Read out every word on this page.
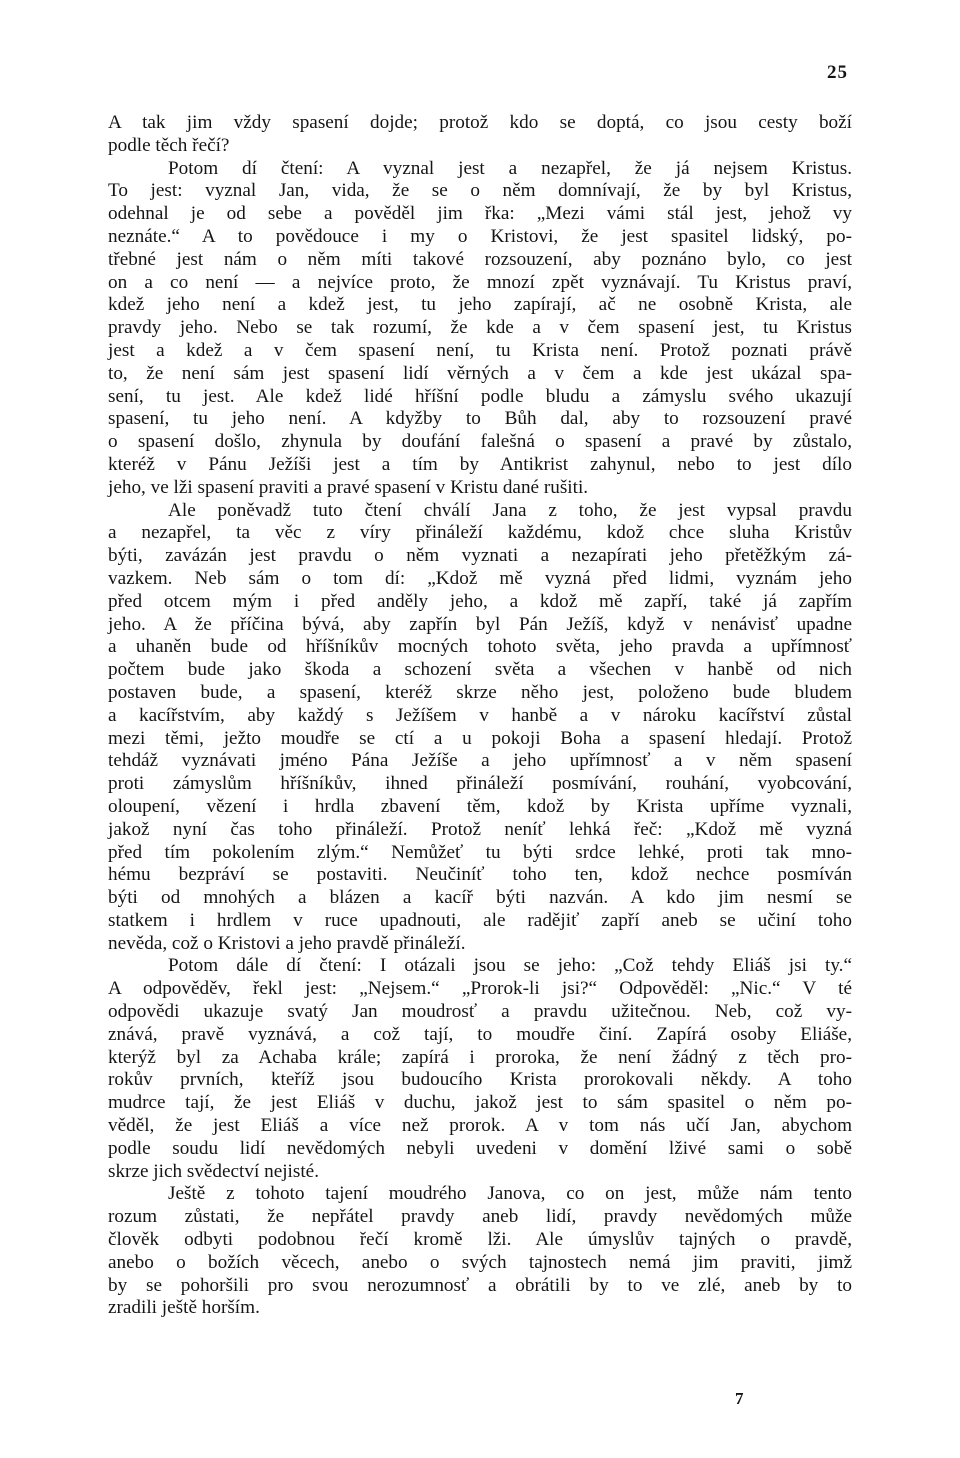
25
A tak jim vždy spasení dojde; protož kdo se doptá, co jsou cesty boží
podle těch řečí?
Potom dí čtení: A vyznal jest a nezapřel, že já nejsem Kristus.
To jest: vyznal Jan, vida, že se o něm domnívají, že by byl Kristus,
odehnal je od sebe a pověděl jim řka: „Mezi vámi stál jest, jehož vy
neznáte.“ A to povědouce i my o Kristovi, že jest spasitel lidský, po-
třebné jest nám o něm míti takové rozsouzení, aby poznáno bylo, co jest
on a co není — a nejvíce proto, že mnozí zpět vyznávají. Tu Kristus praví,
kdež jeho není a kdež jest, tu jeho zapírají, ač ne osobně Krista, ale
pravdy jeho. Nebo se tak rozumí, že kde a v čem spasení jest, tu Kristus
jest a kdež a v čem spasení není, tu Krista není. Protož poznati právě
to, že není sám jest spasení lidí věrných a v čem a kde jest ukázal spa-
sení, tu jest. Ale kdež lidé hříšní podle bludu a zámyslu svého ukazují
spasení, tu jeho není. A kdyžby to Bůh dal, aby to rozsouzení pravé
o spasení došlo, zhynula by doufání falešná o spasení a pravé by zůstalo,
kteréž v Pánu Ježíši jest a tím by Antikrist zahynul, nebo to jest dílo
jeho, ve lži spasení praviti a pravé spasení v Kristu dané rušiti.
Ale poněvadž tuto čtení chválí Jana z toho, že jest vypsal pravdu
a nezapřel, ta věc z víry přináleží každému, kdož chce sluha Kristův
býti, zavázán jest pravdu o něm vyznati a nezapírati jeho přetěžkým zá-
vazkem. Neb sám o tom dí: „Kdož mě vyzná před lidmi, vyznám jeho
před otcem mým i před anděly jeho, a kdož mě zapří, také já zapřím
jeho. A že příčina bývá, aby zapřín byl Pán Ježíš, když v nenávisť upadne
a uhaněn bude od hříšníkův mocných tohoto světa, jeho pravda a upřímnosť
počtem bude jako škoda a schození světa a všechen v hanbě od nich
postaven bude, a spasení, kteréž skrze něho jest, položeno bude bludem
a kacířstvím, aby každý s Ježíšem v hanbě a v nároku kacířství zůstal
mezi těmi, ježto moudře se ctí a u pokoji Boha a spasení hledají. Protož
tehdáž vyznávati jméno Pána Ježíše a jeho upřímnosť a v něm spasení
proti zámyslům hříšníkův, ihned přináleží posmívání, rouhání, vyobcování,
oloupení, vězení i hrdla zbavení těm, kdož by Krista upříme vyznali,
jakož nyní čas toho přináleží. Protož neníť lehká řeč: „Kdož mě vyzná
před tím pokolením zlým.“ Nemůžeť tu býti srdce lehké, proti tak mno-
hému bezpráví se postaviti. Neučiníť toho ten, kdož nechce posmíván
býti od mnohých a blázen a kacíř býti nazván. A kdo jim nesmí se
statkem i hrdlem v ruce upadnouti, ale radějiť zapří aneb se učiní toho
nevěda, což o Kristovi a jeho pravdě přináleží.
Potom dále dí čtení: I otázali jsou se jeho: „Což tehdy Eliáš jsi ty.“
A odpověděv, řekl jest: „Nejsem.“ „Prorok-li jsi?“ Odpověděl: „Nic.“ V té
odpovědi ukazuje svatý Jan moudrosť a pravdu užitečnou. Neb, což vy-
znává, pravě vyznává, a což tají, to moudře činí. Zapírá osoby Eliáše,
kterýž byl za Achaba krále; zapírá i proroka, že není žádný z těch pro-
rokův prvních, kteříž jsou budoucího Krista prorokovali někdy. A toho
mudrce tají, že jest Eliáš v duchu, jakož jest to sám spasitel o něm po-
věděl, že jest Eliáš a více než prorok. A v tom nás učí Jan, abychom
podle soudu lidí nevědomých nebyli uvedeni v domění lživé sami o sobě
skrze jich svědectví nejisté.
Ještě z tohoto tajení moudrého Janova, co on jest, může nám tento
rozum zůstati, že nepřátel pravdy aneb lidí, pravdy nevědomých může
člověk odbyti podobnou řečí kromě lži. Ale úmyslův tajných o pravdě,
anebo o božích věcech, anebo o svých tajnostech nemá jim praviti, jimž
by se pohoršili pro svou nerozumnosť a obrátili by to ve zlé, aneb by to
zradili ještě horším.
7
